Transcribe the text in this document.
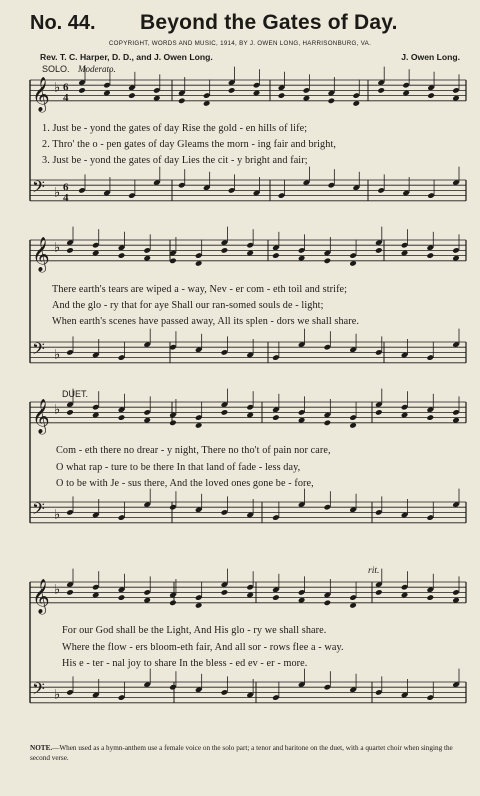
No. 44. Beyond the Gates of Day.
COPYRIGHT, WORDS AND MUSIC, 1914, BY J. OWEN LONG, HARRISONBURG, VA.
Rev. T. C. Harper, D. D., and J. Owen Long.	J. Owen Long.
𝄞 ♭
𝄢 ♭
6
6
4
4
𝄞 ♭
𝄢 ♭
𝄞 ♭
𝄢 ♭
𝄞 ♭
𝄢 ♭
SOLO. Moderato.
DUET.
rit.
1. Just be - yond the gates of day Rise the gold - en hills of life;
2. Thro' the o - pen gates of day Gleams the morn - ing fair and bright,
3. Just be - yond the gates of day Lies the cit - y bright and fair;
There earth's tears are wiped a - way, Nev - er com - eth toil and strife;
And the glo - ry that for aye Shall our ran-somed souls de - light;
When earth's scenes have passed away, All its splen - dors we shall share.
Com - eth there no drear - y night, There no tho't of pain nor care,
O what rap - ture to be there In that land of fade - less day,
O to be with Je - sus there, And the loved ones gone be - fore,
For our God shall be the Light, And His glo - ry we shall share.
Where the flow - ers bloom-eth fair, And all sor - rows flee a - way.
His e - ter - nal joy to share In the bless - ed ev - er - more.
NOTE.—When used as a hymn-anthem use a female voice on the solo part; a tenor and baritone on the duet, with a quartet choir when singing the second verse.
